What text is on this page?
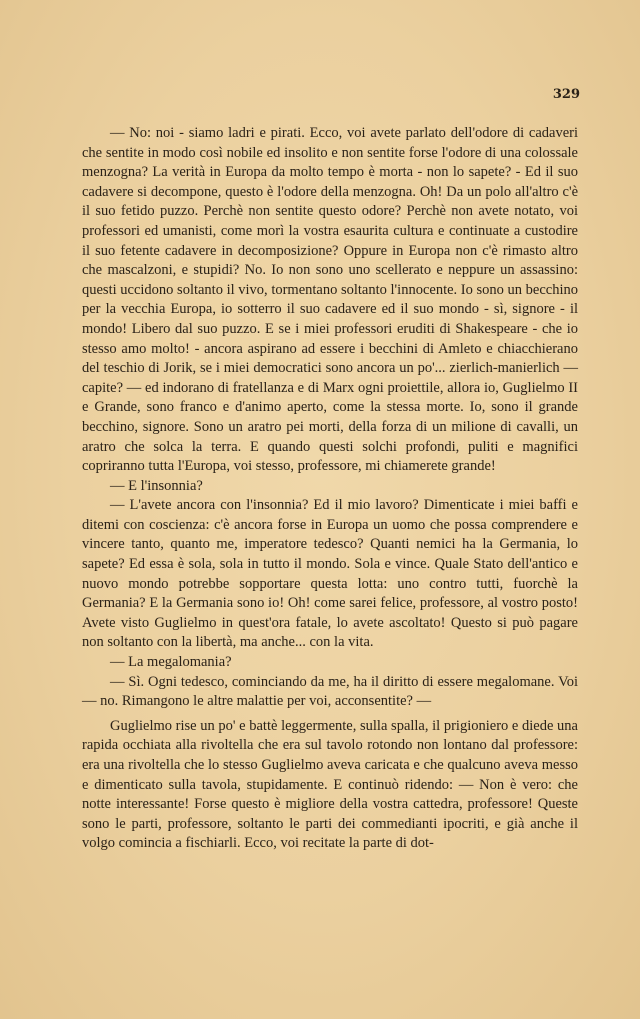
329

— No: noi - siamo ladri e pirati. Ecco, voi avete parlato dell'odore di cadaveri che sentite in modo così nobile ed insolito e non sentite forse l'odore di una colossale menzogna? La verità in Europa da molto tempo è morta - non lo sapete? - Ed il suo cadavere si decompone, questo è l'odore della menzogna. Oh! Da un polo all'altro c'è il suo fetido puzzo. Perchè non sentite questo odore? Perchè non avete notato, voi professori ed umanisti, come morì la vostra esaurita cultura e continuate a custodire il suo fetente cadavere in decomposizione? Oppure in Europa non c'è rimasto altro che mascalzoni, e stupidi? No. Io non sono uno scellerato e neppure un assassino: questi uccidono soltanto il vivo, tormentano soltanto l'innocente. Io sono un becchino per la vecchia Europa, io sotterro il suo cadavere ed il suo mondo - sì, signore - il mondo! Libero dal suo puzzo. E se i miei professori eruditi di Shakespeare - che io stesso amo molto! - ancora aspirano ad essere i becchini di Amleto e chiacchierano del teschio di Jorik, se i miei democratici sono ancora un po'... zierlich-manierlich — capite? — ed indorano di fratellanza e di Marx ogni proiettile, allora io, Guglielmo II e Grande, sono franco e d'animo aperto, come la stessa morte. Io, sono il grande becchino, signore. Sono un aratro pei morti, della forza di un milione di cavalli, un aratro che solca la terra. E quando questi solchi profondi, puliti e magnifici copriranno tutta l'Europa, voi stesso, professore, mi chiamerete grande!

— E l'insonnia?

— L'avete ancora con l'insonnia? Ed il mio lavoro? Dimenticate i miei baffi e ditemi con coscienza: c'è ancora forse in Europa un uomo che possa comprendere e vincere tanto, quanto me, imperatore tedesco? Quanti nemici ha la Germania, lo sapete? Ed essa è sola, sola in tutto il mondo. Sola e vince. Quale Stato dell'antico e nuovo mondo potrebbe sopportare questa lotta: uno contro tutti, fuorchè la Germania? E la Germania sono io! Oh! come sarei felice, professore, al vostro posto! Avete visto Guglielmo in quest'ora fatale, lo avete ascoltato! Questo si può pagare non soltanto con la libertà, ma anche... con la vita.

— La megalomania?

— Sì. Ogni tedesco, cominciando da me, ha il diritto di essere megalomane. Voi — no. Rimangono le altre malattie per voi, acconsentite? —

Guglielmo rise un po' e battè leggermente, sulla spalla, il prigioniero e diede una rapida occhiata alla rivoltella che era sul tavolo rotondo non lontano dal professore: era una rivoltella che lo stesso Guglielmo aveva caricata e che qualcuno aveva messo e dimenticato sulla tavola, stupidamente. E continuò ridendo: — Non è vero: che notte interessante! Forse questo è migliore della vostra cattedra, professore! Queste sono le parti, professore, soltanto le parti dei commedianti ipocriti, e già anche il volgo comincia a fischiarli. Ecco, voi recitate la parte di dot-
